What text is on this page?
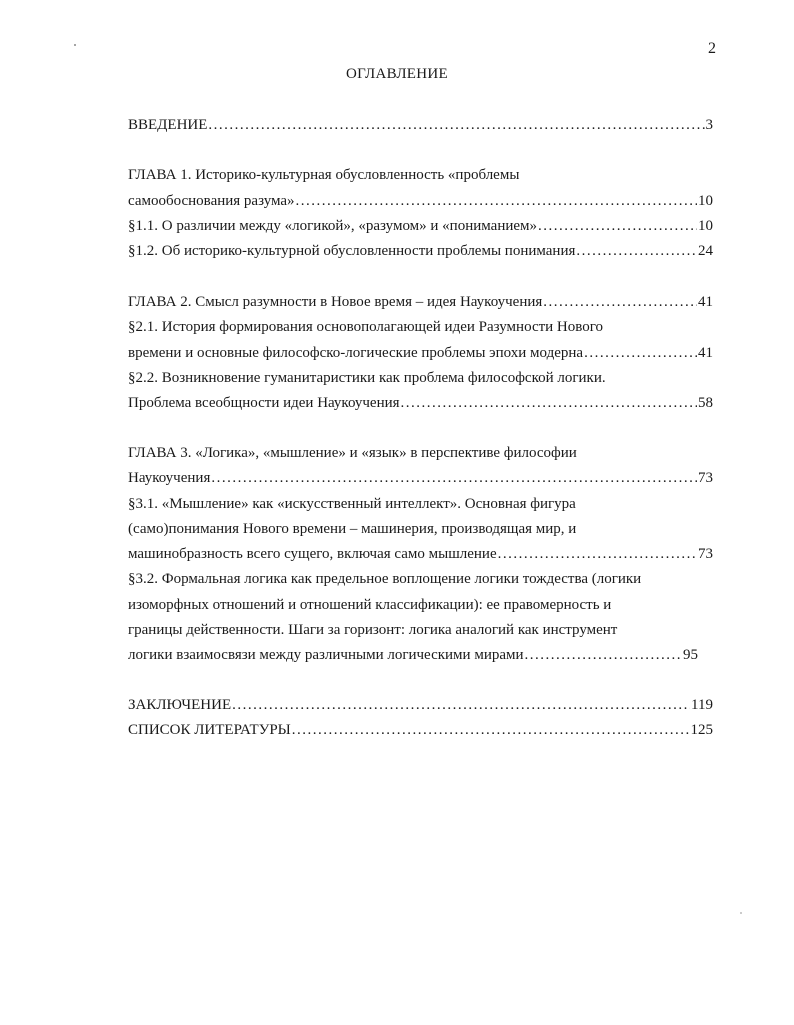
2
ОГЛАВЛЕНИЕ
ВВЕДЕНИЕ .....	3
ГЛАВА 1. Историко-культурная обусловленность «проблемы
самообоснования разума» .....	10
§1.1. О различии между «логикой», «разумом» и «пониманием» .....	10
§1.2. Об историко-культурной обусловленности проблемы понимания .....	24
ГЛАВА 2. Смысл разумности в Новое время – идея Наукоучения .....	41
§2.1. История формирования основополагающей идеи Разумности Нового
времени и основные философско-логические проблемы эпохи модерна .....	41
§2.2. Возникновение гуманитаристики как проблема философской логики.
Проблема всеобщности идеи Наукоучения .....	58
ГЛАВА 3. «Логика», «мышление» и «язык» в перспективе философии
Наукоучения .....	73
§3.1. «Мышление» как «искусственный интеллект». Основная фигура
(само)понимания Нового времени – машинерия, производящая мир, и
машинобразность всего сущего, включая само мышление .....	73
§3.2. Формальная логика как предельное воплощение логики тождества (логики
изоморфных отношений и отношений классификации): ее правомерность и
границы действенности. Шаги за горизонт: логика аналогий как инструмент
логики взаимосвязи между различными логическими мирами .....	95
ЗАКЛЮЧЕНИЕ .....	119
СПИСОК ЛИТЕРАТУРЫ .....	125
